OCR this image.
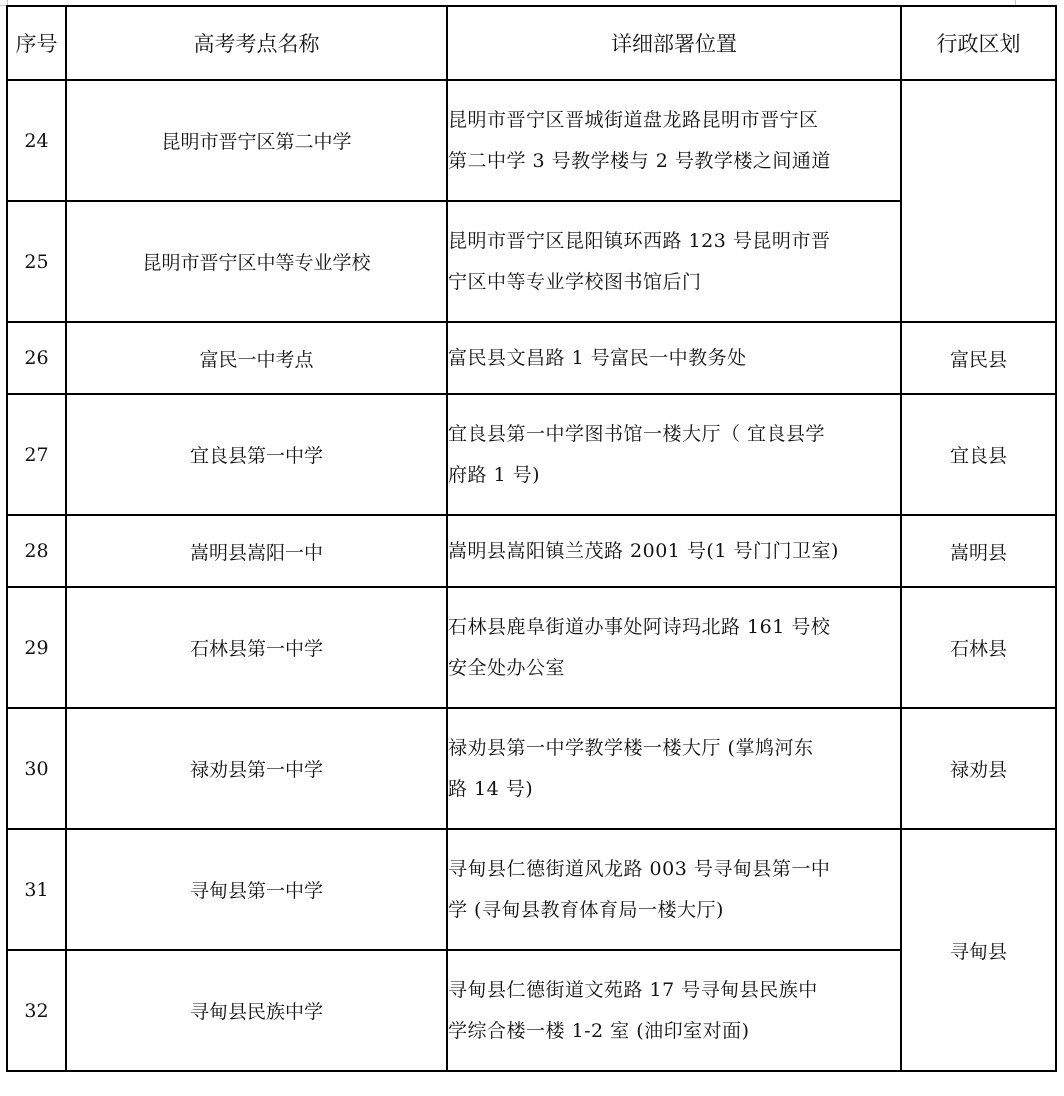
序号	高考考点名称	详细部署位置	行政区划
24	昆明市晋宁区第二中学	昆明市晋宁区晋城街道盘龙路昆明市晋宁区
第二中学 3 号教学楼与 2 号教学楼之间通道	

25	昆明市晋宁区中等专业学校	昆明市晋宁区昆阳镇环西路 123 号昆明市晋
宁区中等专业学校图书馆后门	

26	富民一中考点	富民县文昌路 1 号富民一中教务处	富民县
27	宜良县第一中学	宜良县第一中学图书馆一楼大厅（ 宜良县学
府路 1 号)	宜良县
28	嵩明县嵩阳一中	嵩明县嵩阳镇兰茂路 2001 号(1 号门门卫室)	嵩明县
29	石林县第一中学	石林县鹿阜街道办事处阿诗玛北路 161 号校
安全处办公室	石林县
30	禄劝县第一中学	禄劝县第一中学教学楼一楼大厅 (掌鸠河东
路 14 号)	禄劝县
31	寻甸县第一中学	寻甸县仁德街道风龙路 003 号寻甸县第一中
学 (寻甸县教育体育局一楼大厅)	寻甸县
32	寻甸县民族中学	寻甸县仁德街道文苑路 17 号寻甸县民族中
学综合楼一楼 1-2 室 (油印室对面)	
